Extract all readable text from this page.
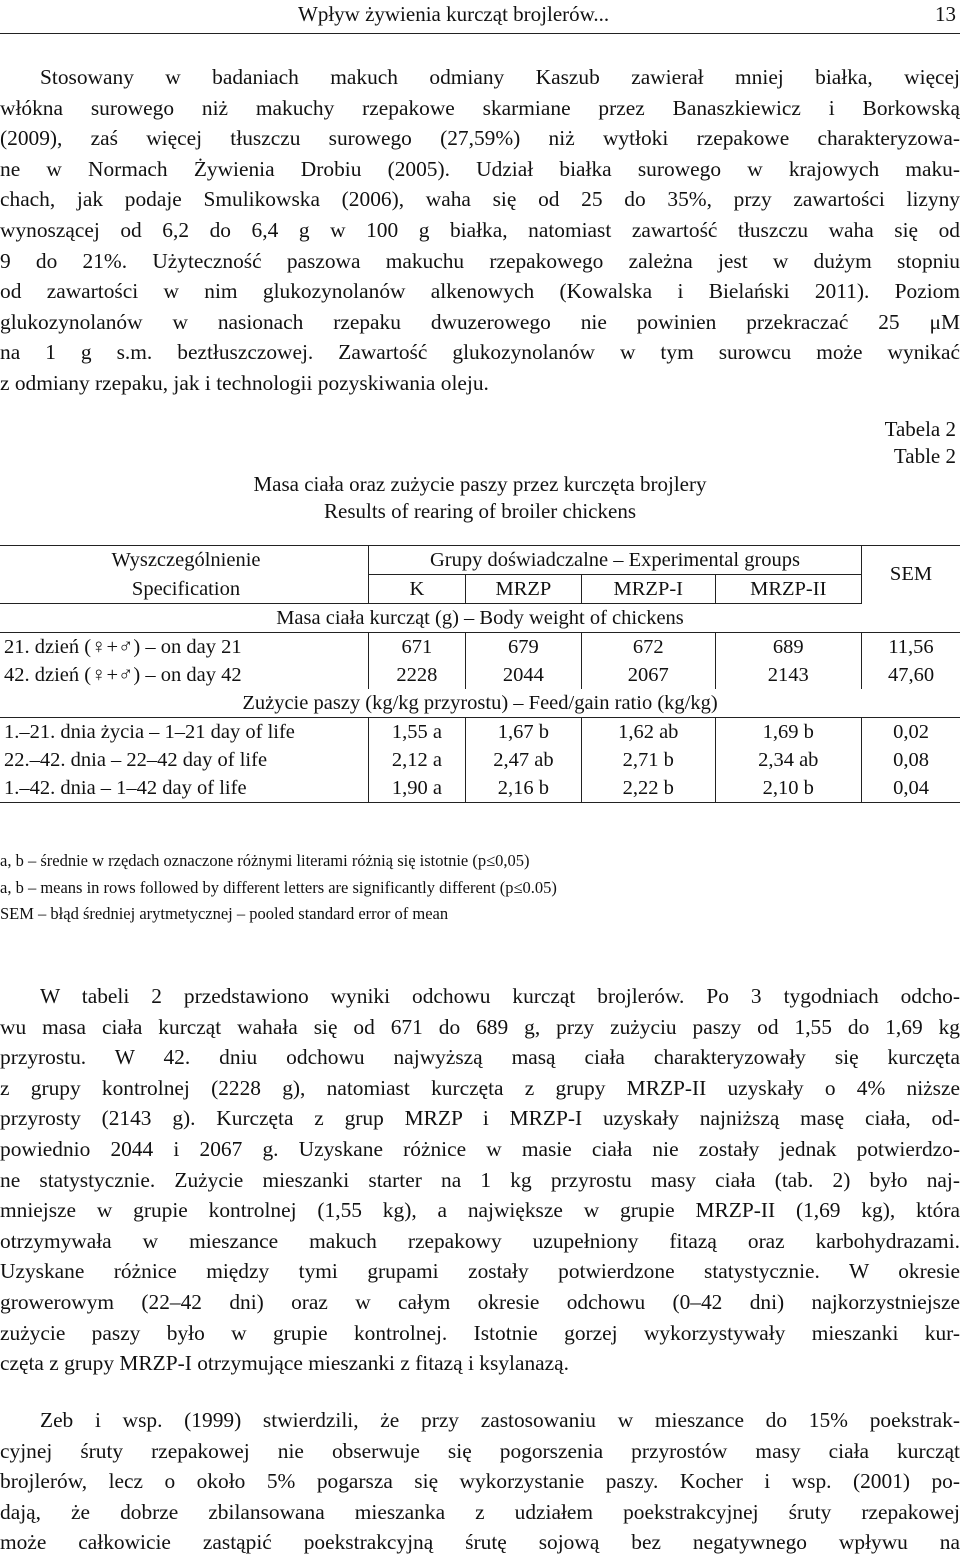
Wpływ żywienia kurcząt brojlerów...	13
Stosowany w badaniach makuch odmiany Kaszub zawierał mniej białka, więcej
włókna surowego niż makuchy rzepakowe skarmiane przez Banaszkiewicz i Borkowską
(2009), zaś więcej tłuszczu surowego (27,59%) niż wytłoki rzepakowe charakteryzowa-
ne w Normach Żywienia Drobiu (2005). Udział białka surowego w krajowych maku-
chach, jak podaje Smulikowska (2006), waha się od 25 do 35%, przy zawartości lizyny
wynoszącej od 6,2 do 6,4 g w 100 g białka, natomiast zawartość tłuszczu waha się od
9 do 21%. Użyteczność paszowa makuchu rzepakowego zależna jest w dużym stopniu
od zawartości w nim glukozynolanów alkenowych (Kowalska i Bielański 2011). Poziom
glukozynolanów w nasionach rzepaku dwuzerowego nie powinien przekraczać 25 μM
na 1 g s.m. beztłuszczowej. Zawartość glukozynolanów w tym surowcu może wynikać
z odmiany rzepaku, jak i technologii pozyskiwania oleju.
Tabela 2
Table 2
Masa ciała oraz zużycie paszy przez kurczęta brojlery
Results of rearing of broiler chickens
Wyszczególnienie	Grupy doświadczalne – Experimental groups				SEM
Specification	K	MRZP	MRZP-I	MRZP-II	
Masa ciała kurcząt (g) – Body weight of chickens					
21. dzień (♀+♂) – on day 21	671	679	672	689	11,56
42. dzień (♀+♂) – on day 42	2228	2044	2067	2143	47,60
Zużycie paszy (kg/kg przyrostu) – Feed/gain ratio (kg/kg)					
1.–21. dnia życia – 1–21 day of life	1,55 a	1,67 b	1,62 ab	1,69 b	0,02
22.–42. dnia – 22–42 day of life	2,12 a	2,47 ab	2,71 b	2,34 ab	0,08
1.–42. dnia – 1–42 day of life	1,90 a	2,16 b	2,22 b	2,10 b	0,04
a, b – średnie w rzędach oznaczone różnymi literami różnią się istotnie (p≤0,05)
a, b – means in rows followed by different letters are significantly different (p≤0.05)
SEM – błąd średniej arytmetycznej – pooled standard error of mean
W tabeli 2 przedstawiono wyniki odchowu kurcząt brojlerów. Po 3 tygodniach odcho-
wu masa ciała kurcząt wahała się od 671 do 689 g, przy zużyciu paszy od 1,55 do 1,69 kg
przyrostu. W 42. dniu odchowu najwyższą masą ciała charakteryzowały się kurczęta
z grupy kontrolnej (2228 g), natomiast kurczęta z grupy MRZP-II uzyskały o 4% niższe
przyrosty (2143 g). Kurczęta z grup MRZP i MRZP-I uzyskały najniższą masę ciała, od-
powiednio 2044 i 2067 g. Uzyskane różnice w masie ciała nie zostały jednak potwierdzo-
ne statystycznie. Zużycie mieszanki starter na 1 kg przyrostu masy ciała (tab. 2) było naj-
mniejsze w grupie kontrolnej (1,55 kg), a największe w grupie MRZP-II (1,69 kg), która
otrzymywała w mieszance makuch rzepakowy uzupełniony fitazą oraz karbohydrazami.
Uzyskane różnice między tymi grupami zostały potwierdzone statystycznie. W okresie
growerowym (22–42 dni) oraz w całym okresie odchowu (0–42 dni) najkorzystniejsze
zużycie paszy było w grupie kontrolnej. Istotnie gorzej wykorzystywały mieszanki kur-
częta z grupy MRZP-I otrzymujące mieszanki z fitazą i ksylanazą.
Zeb i wsp. (1999) stwierdzili, że przy zastosowaniu w mieszance do 15% poekstrak-
cyjnej śruty rzepakowej nie obserwuje się pogorszenia przyrostów masy ciała kurcząt
brojlerów, lecz o około 5% pogarsza się wykorzystanie paszy. Kocher i wsp. (2001) po-
dają, że dobrze zbilansowana mieszanka z udziałem poekstrakcyjnej śruty rzepakowej
może całkowicie zastąpić poekstrakcyjną śrutę sojową bez negatywnego wpływu na
